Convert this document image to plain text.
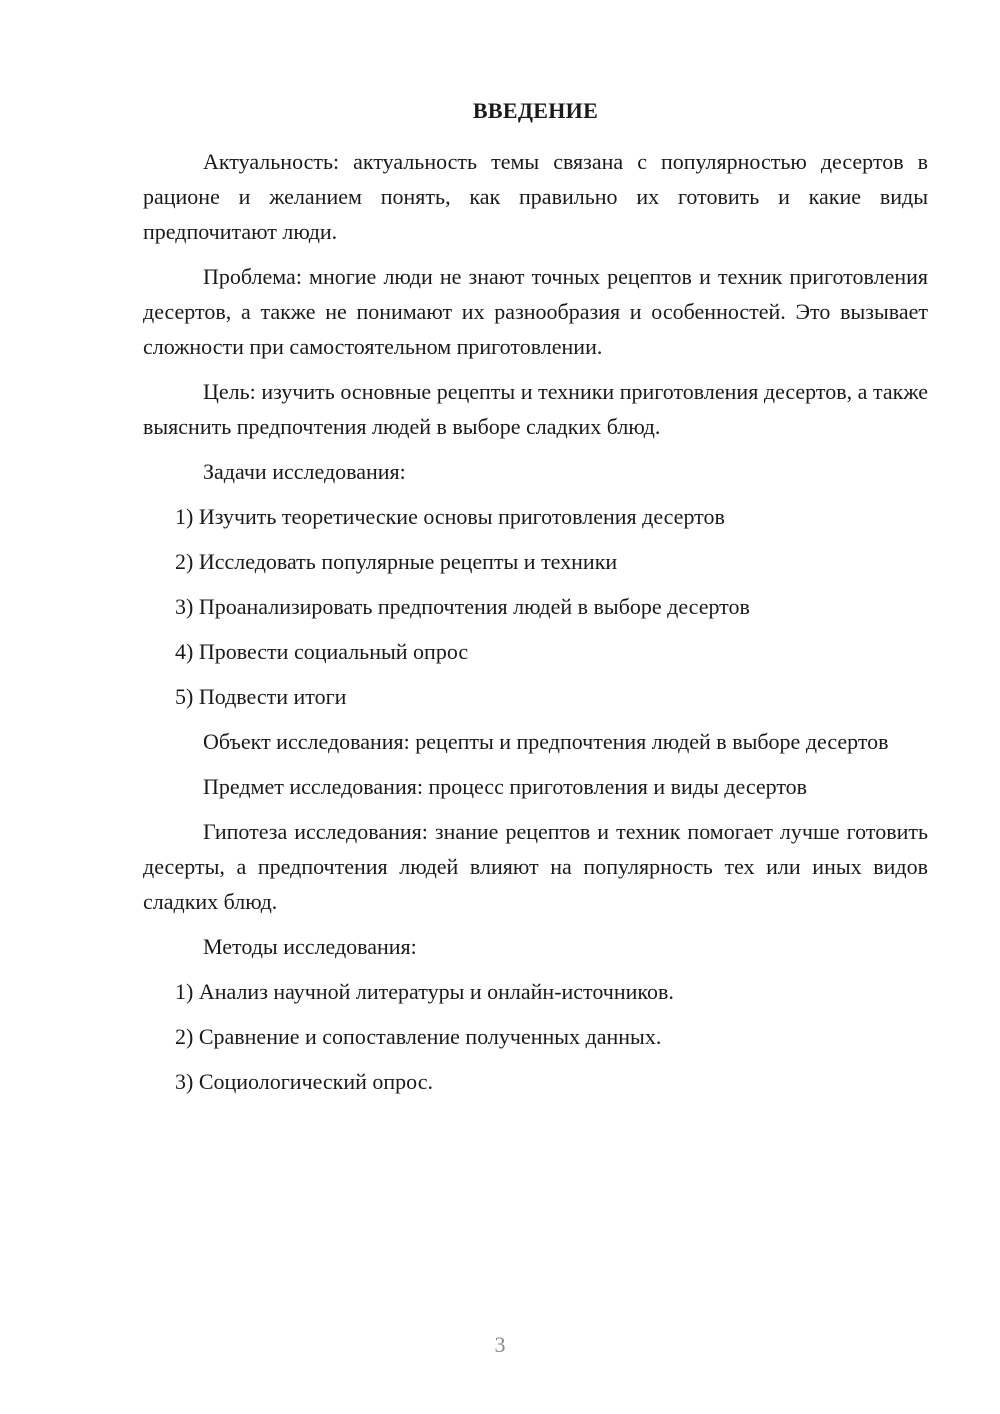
ВВЕДЕНИЕ

Актуальность: актуальность темы связана с популярностью десертов в рационе и желанием понять, как правильно их готовить и какие виды предпочитают люди.

Проблема: многие люди не знают точных рецептов и техник приготовления десертов, а также не понимают их разнообразия и особенностей. Это вызывает сложности при самостоятельном приготовлении.

Цель: изучить основные рецепты и техники приготовления десертов, а также выяснить предпочтения людей в выборе сладких блюд.

Задачи исследования:
1) Изучить теоретические основы приготовления десертов
2) Исследовать популярные рецепты и техники
3) Проанализировать предпочтения людей в выборе десертов
4) Провести социальный опрос
5) Подвести итоги

Объект исследования: рецепты и предпочтения людей в выборе десертов

Предмет исследования: процесс приготовления и виды десертов

Гипотеза исследования: знание рецептов и техник помогает лучше готовить десерты, а предпочтения людей влияют на популярность тех или иных видов сладких блюд.

Методы исследования:
1) Анализ научной литературы и онлайн-источников.
2) Сравнение и сопоставление полученных данных.
3) Социологический опрос.
3
